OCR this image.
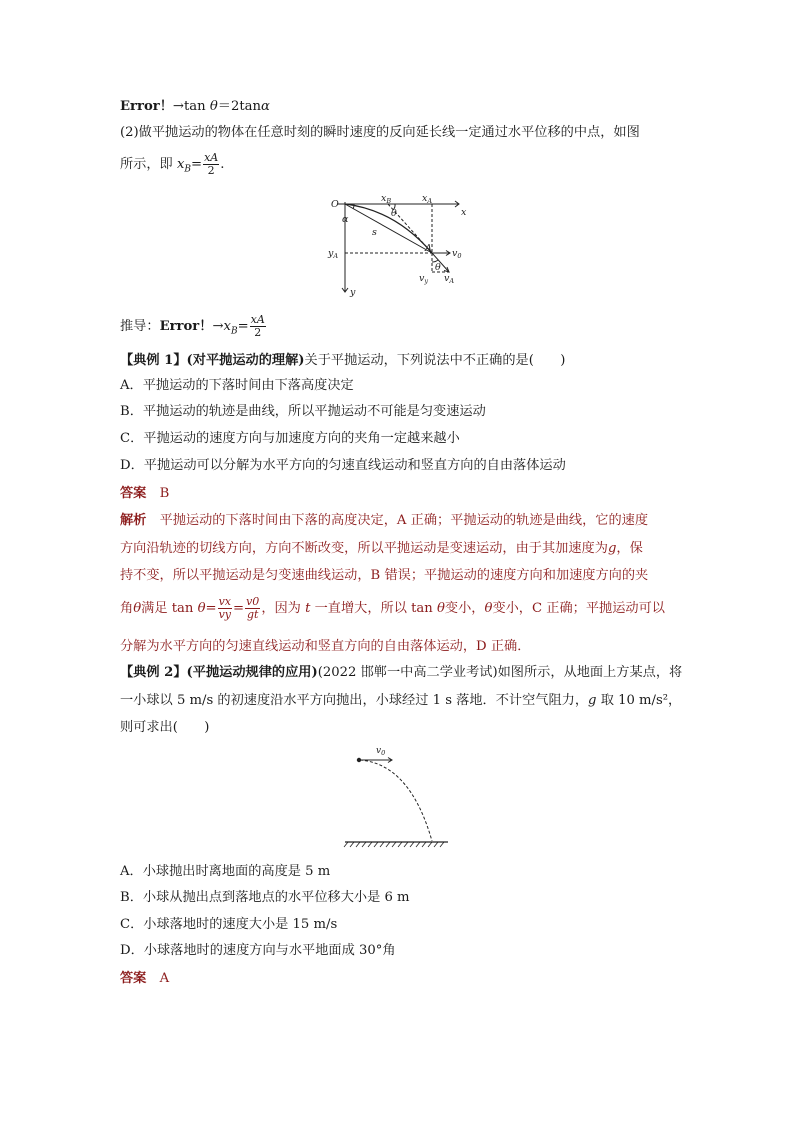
Error！→tan θ＝2tanα
(2)做平抛运动的物体在任意时刻的瞬时速度的反向延长线一定通过水平位移的中点，如图
所示，即 $x_B= \frac{xA}{2}$ .
O
x
y
$x_B$	$x_A$
θ
α
s
A
$y_A$	$v_0$
$v_y$ $v_A$
θ
推导：Error！$\to x_B= \frac{xA}{2}$
【典例 1】(对平抛运动的理解)关于平抛运动，下列说法中不正确的是(　　)
A．平抛运动的下落时间由下落高度决定
B．平抛运动的轨迹是曲线，所以平抛运动不可能是匀变速运动
C．平抛运动的速度方向与加速度方向的夹角一定越来越小
D．平抛运动可以分解为水平方向的匀速直线运动和竖直方向的自由落体运动
答案　 B
解析　 平抛运动的下落时间由下落的高度决定，A 正确；平抛运动的轨迹是曲线，它的速度
方向沿轨迹的切线方向，方向不断改变，所以平抛运动是变速运动，由于其加速度为g，保
持不变，所以平抛运动是匀变速曲线运动，B 错误；平抛运动的速度方向和加速度方向的夹
角θ满足 $\tan \theta= \frac{vx}{vy} = \frac{v0}{gt}$ ，因为 t 一直增大，所以 tan θ变小，θ变小，C 正确；平抛运动可以
分解为水平方向的匀速直线运动和竖直方向的自由落体运动，D 正确．
【典例 2】(平抛运动规律的应用)(2022 邯郸一中高二学业考试)如图所示，从地面上方某点，将
一小球以 5 m/s 的初速度沿水平方向抛出，小球经过 1 s 落地．不计空气阻力，g 取 10 m/s²，
则可求出(　　)
$v_0$
A．小球抛出时离地面的高度是 5 m
B．小球从抛出点到落地点的水平位移大小是 6 m
C．小球落地时的速度大小是 15 m/s
D．小球落地时的速度方向与水平地面成 30°角
答案　 A
